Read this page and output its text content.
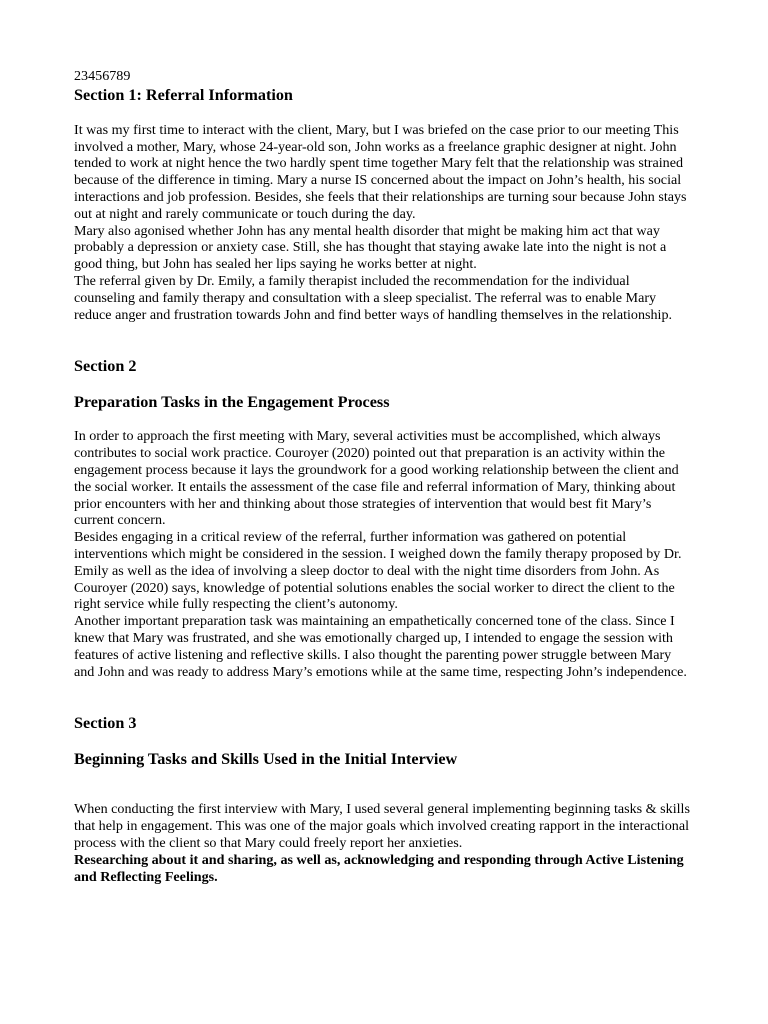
23456789

Section 1: Referral Information

It was my first time to interact with the client, Mary, but I was briefed on the case prior to our meeting This involved a mother, Mary, whose 24-year-old son, John works as a freelance graphic designer at night. John tended to work at night hence the two hardly spent time together Mary felt that the relationship was strained because of the difference in timing. Mary a nurse IS concerned about the impact on John’s health, his social interactions and job profession. Besides, she feels that their relationships are turning sour because John stays out at night and rarely communicate or touch during the day.

Mary also agonised whether John has any mental health disorder that might be making him act that way probably a depression or anxiety case. Still, she has thought that staying awake late into the night is not a good thing, but John has sealed her lips saying he works better at night.

The referral given by Dr. Emily, a family therapist included the recommendation for the individual counseling and family therapy and consultation with a sleep specialist. The referral was to enable Mary reduce anger and frustration towards John and find better ways of handling themselves in the relationship.

Section 2
Preparation Tasks in the Engagement Process

In order to approach the first meeting with Mary, several activities must be accomplished, which always contributes to social work practice. Couroyer (2020) pointed out that preparation is an activity within the engagement process because it lays the groundwork for a good working relationship between the client and the social worker. It entails the assessment of the case file and referral information of Mary, thinking about prior encounters with her and thinking about those strategies of intervention that would best fit Mary’s current concern.

Besides engaging in a critical review of the referral, further information was gathered on potential interventions which might be considered in the session. I weighed down the family therapy proposed by Dr. Emily as well as the idea of involving a sleep doctor to deal with the night time disorders from John. As Couroyer (2020) says, knowledge of potential solutions enables the social worker to direct the client to the right service while fully respecting the client’s autonomy.

Another important preparation task was maintaining an empathetically concerned tone of the class. Since I knew that Mary was frustrated, and she was emotionally charged up, I intended to engage the session with features of active listening and reflective skills. I also thought the parenting power struggle between Mary and John and was ready to address Mary’s emotions while at the same time, respecting John’s independence.

Section 3
Beginning Tasks and Skills Used in the Initial Interview

When conducting the first interview with Mary, I used several general implementing beginning tasks & skills that help in engagement. This was one of the major goals which involved creating rapport in the interactional process with the client so that Mary could freely report her anxieties.

Researching about it and sharing, as well as, acknowledging and responding through Active Listening and Reflecting Feelings.
